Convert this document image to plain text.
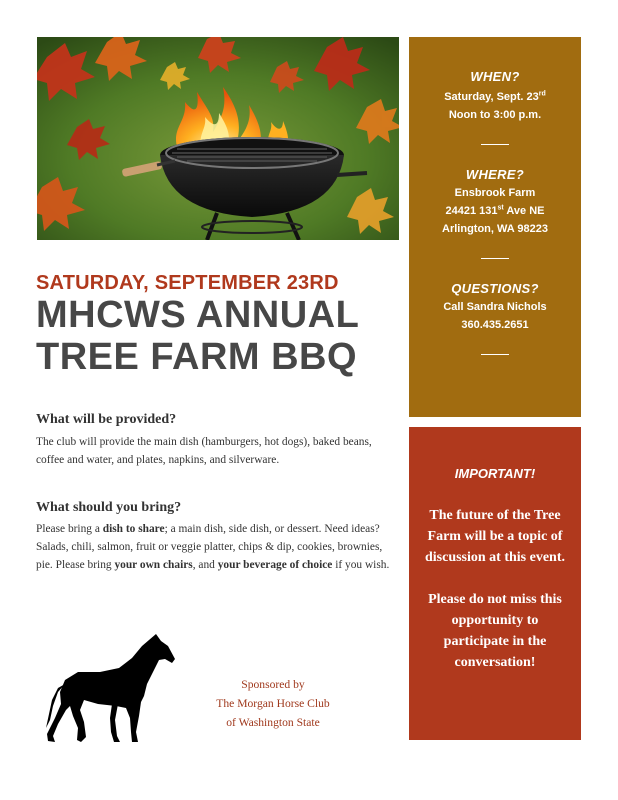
SATURDAY, SEPTEMBER 23RD
MHCWS ANNUAL
TREE FARM BBQ
What will be provided?
The club will provide the main dish (hamburgers, hot dogs), baked beans, coffee and water, and plates, napkins, and silverware.
What should you bring?
Please bring a dish to share; a main dish, side dish, or dessert. Need ideas? Salads, chili, salmon, fruit or veggie platter, chips & dip, cookies, brownies, pie. Please bring your own chairs, and your beverage of choice if you wish.
Sponsored by
The Morgan Horse Club
of Washington State
WHEN?
Saturday, Sept. 23rd
Noon to 3:00 p.m.
WHERE?
Ensbrook Farm
24421 131st Ave NE
Arlington, WA 98223
QUESTIONS?
Call Sandra Nichols
360.435.2651
IMPORTANT!
The future of the Tree Farm will be a topic of discussion at this event.
Please do not miss this opportunity to participate in the conversation!
